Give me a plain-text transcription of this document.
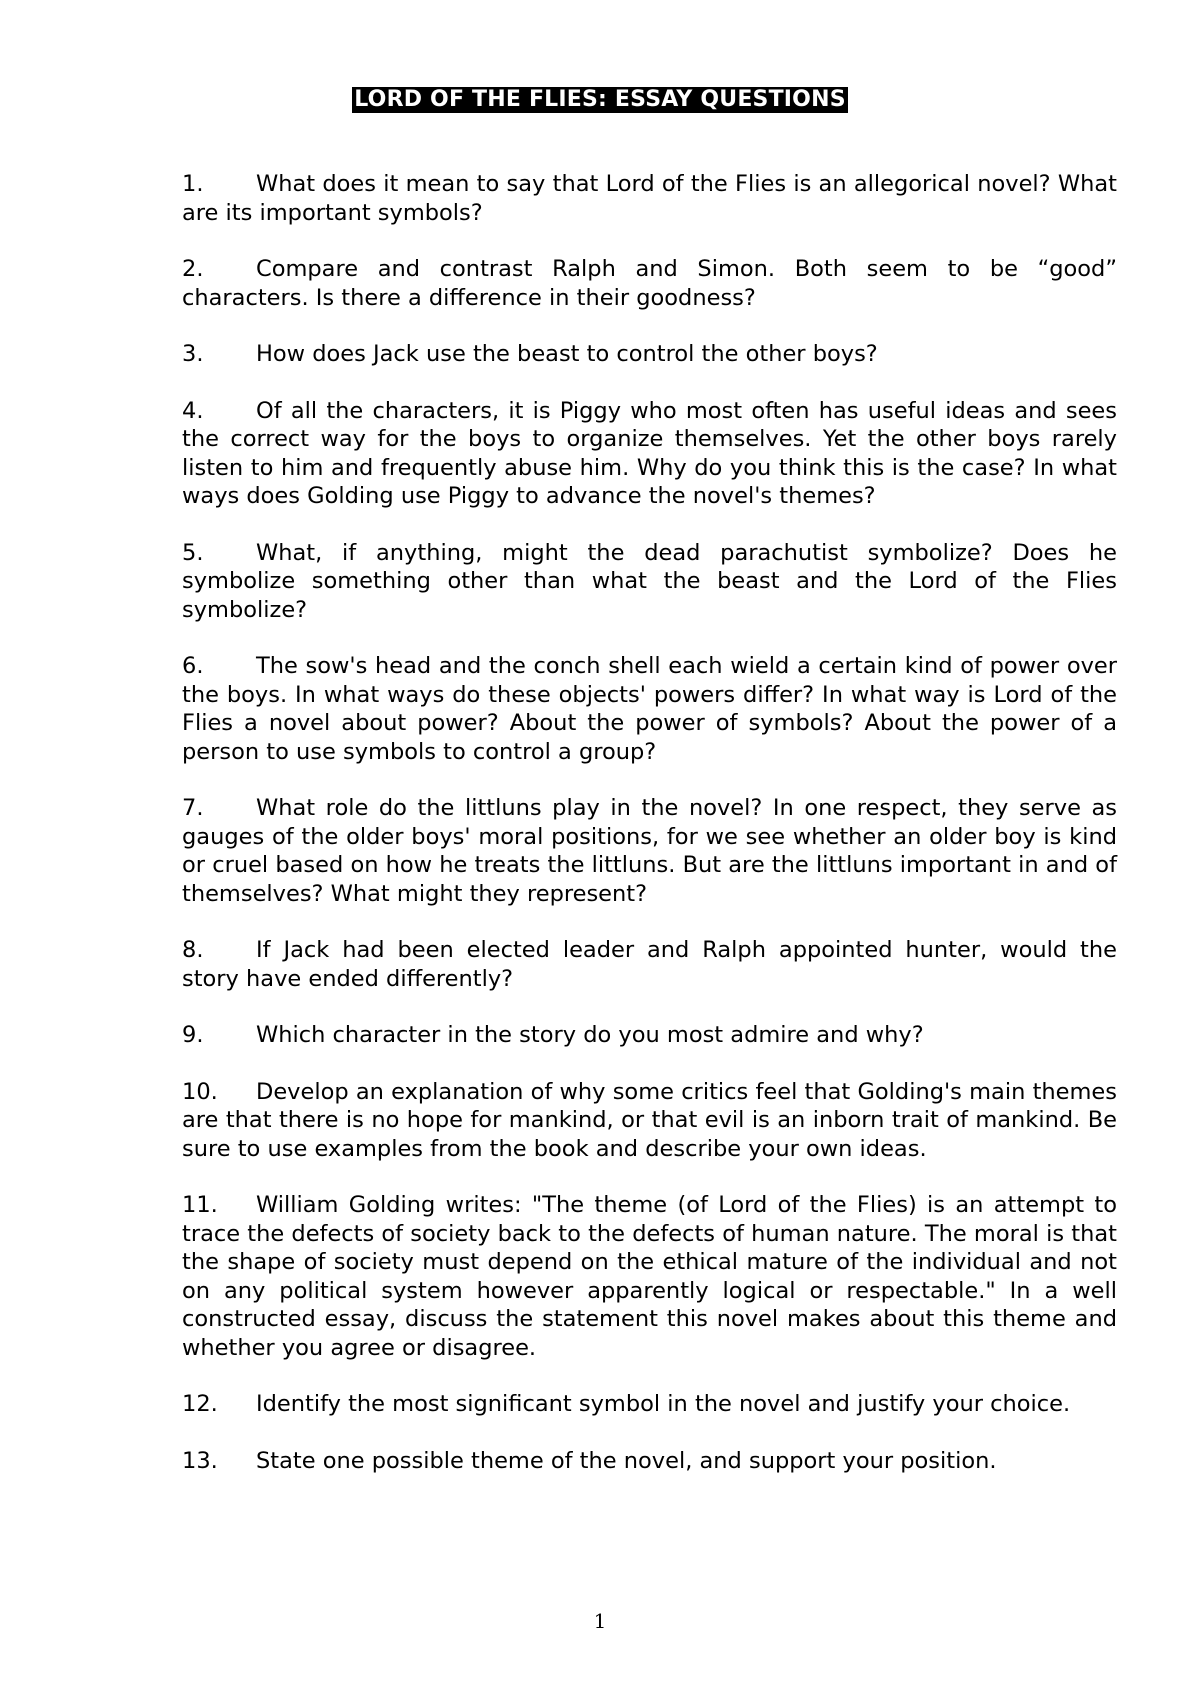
LORD OF THE FLIES: ESSAY QUESTIONS
1. What does it mean to say that Lord of the Flies is an allegorical novel? What are its important symbols?
2. Compare and contrast Ralph and Simon. Both seem to be “good” characters. Is there a difference in their goodness?
3. How does Jack use the beast to control the other boys?
4. Of all the characters, it is Piggy who most often has useful ideas and sees the correct way for the boys to organize themselves. Yet the other boys rarely listen to him and frequently abuse him. Why do you think this is the case? In what ways does Golding use Piggy to advance the novel's themes?
5. What, if anything, might the dead parachutist symbolize? Does he symbolize something other than what the beast and the Lord of the Flies symbolize?
6. The sow's head and the conch shell each wield a certain kind of power over the boys. In what ways do these objects' powers differ? In what way is Lord of the Flies a novel about power? About the power of symbols? About the power of a person to use symbols to control a group?
7. What role do the littluns play in the novel? In one respect, they serve as gauges of the older boys' moral positions, for we see whether an older boy is kind or cruel based on how he treats the littluns. But are the littluns important in and of themselves? What might they represent?
8. If Jack had been elected leader and Ralph appointed hunter, would the story have ended differently?
9. Which character in the story do you most admire and why?
10. Develop an explanation of why some critics feel that Golding's main themes are that there is no hope for mankind, or that evil is an inborn trait of mankind. Be sure to use examples from the book and describe your own ideas.
11. William Golding writes: "The theme (of Lord of the Flies) is an attempt to trace the defects of society back to the defects of human nature. The moral is that the shape of society must depend on the ethical mature of the individual and not on any political system however apparently logical or respectable." In a well constructed essay, discuss the statement this novel makes about this theme and whether you agree or disagree.
12. Identify the most significant symbol in the novel and justify your choice.
13. State one possible theme of the novel, and support your position.
1
